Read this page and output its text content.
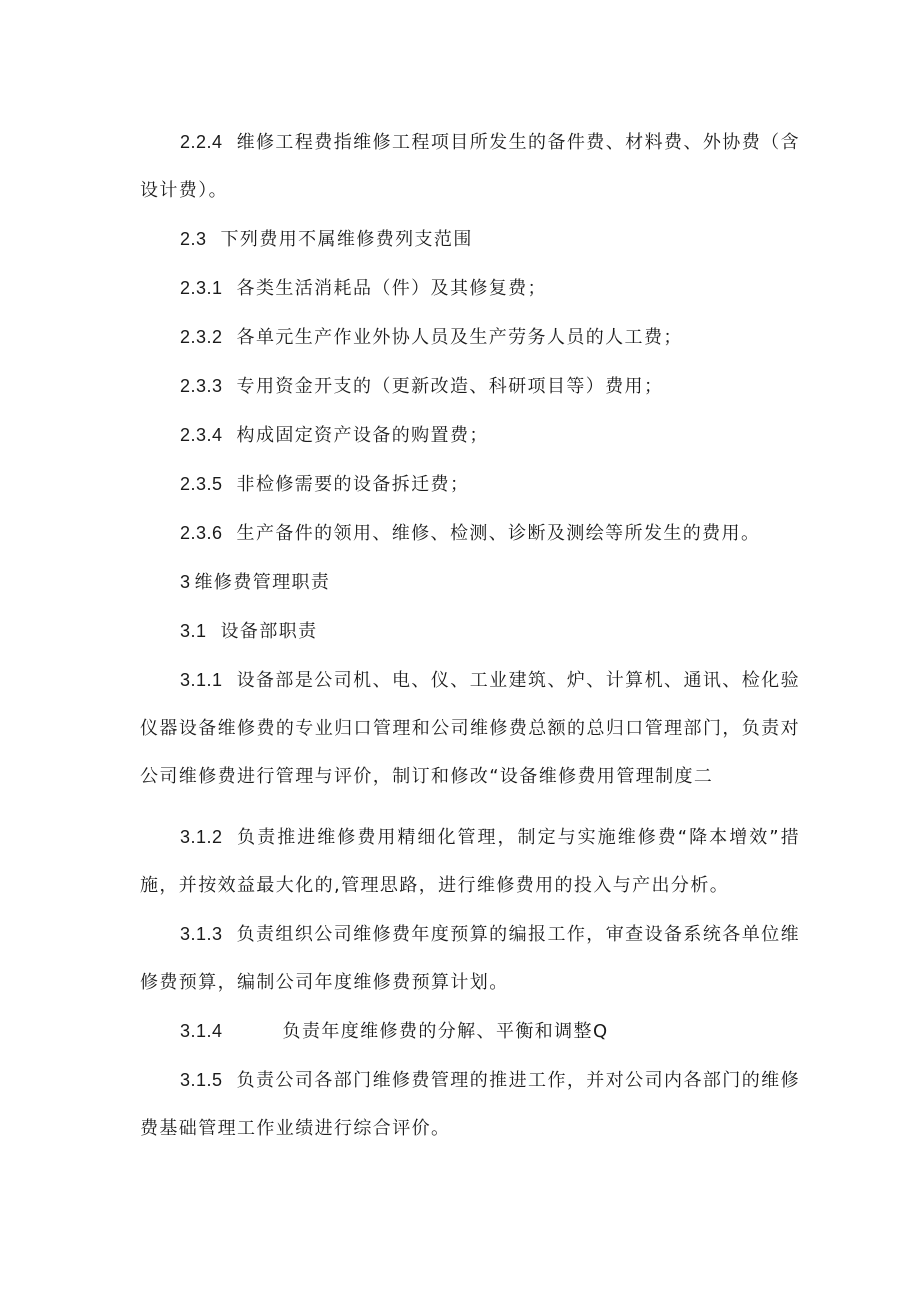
2.2.4 维修工程费指维修工程项目所发生的备件费、材料费、外协费（含设计费）。

2.3 下列费用不属维修费列支范围

2.3.1 各类生活消耗品（件）及其修复费；

2.3.2 各单元生产作业外协人员及生产劳务人员的人工费；

2.3.3 专用资金开支的（更新改造、科研项目等）费用；

2.3.4 构成固定资产设备的购置费；

2.3.5 非检修需要的设备拆迁费；

2.3.6 生产备件的领用、维修、检测、诊断及测绘等所发生的费用。

3 维修费管理职责

3.1 设备部职责

3.1.1 设备部是公司机、电、仪、工业建筑、炉、计算机、通讯、检化验仪器设备维修费的专业归口管理和公司维修费总额的总归口管理部门，负责对公司维修费进行管理与评价，制订和修改“设备维修费用管理制度二

3.1.2 负责推进维修费用精细化管理，制定与实施维修费“降本增效”措施，并按效益最大化的,管理思路，进行维修费用的投入与产出分析。

3.1.3 负责组织公司维修费年度预算的编报工作，审查设备系统各单位维修费预算，编制公司年度维修费预算计划。

3.1.4	负责年度维修费的分解、平衡和调整Q

3.1.5 负责公司各部门维修费管理的推进工作，并对公司内各部门的维修费基础管理工作业绩进行综合评价。
